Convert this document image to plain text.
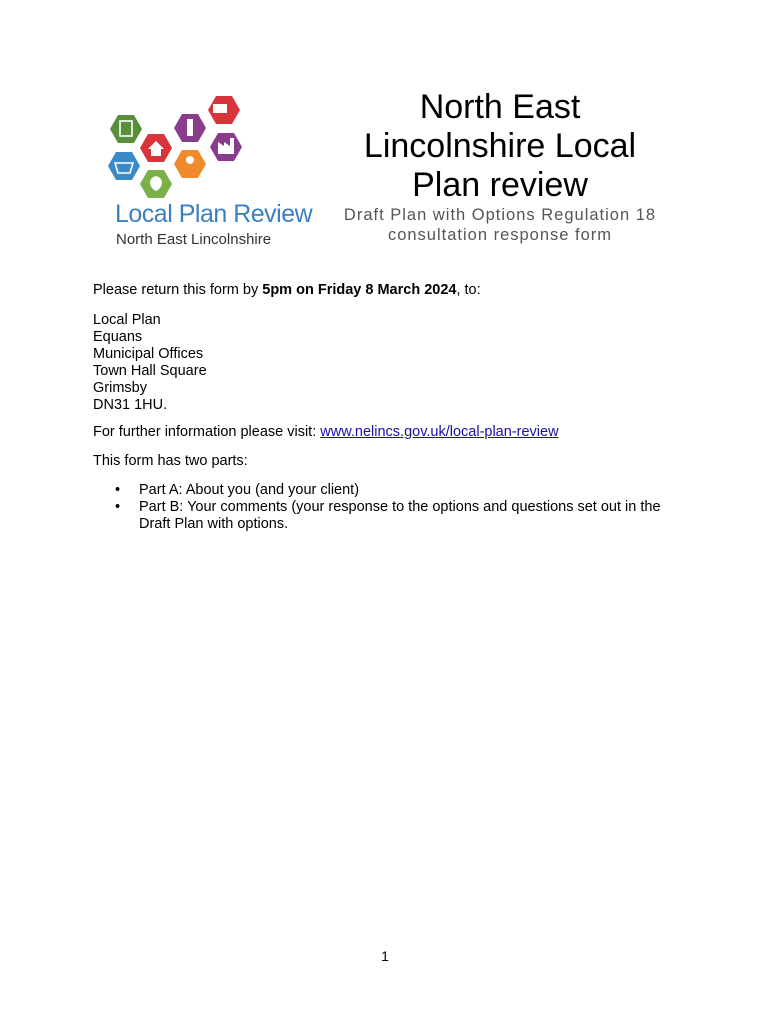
Local Plan Review
North East Lincolnshire
North East Lincolnshire Local Plan review
Draft Plan with Options Regulation 18 consultation response form

Please return this form by 5pm on Friday 8 March 2024, to:

Local Plan
Equans
Municipal Offices
Town Hall Square
Grimsby
DN31 1HU.

For further information please visit: www.nelincs.gov.uk/local-plan-review

This form has two parts:

• Part A: About you (and your client)
• Part B: Your comments (your response to the options and questions set out in the Draft Plan with options.
1
